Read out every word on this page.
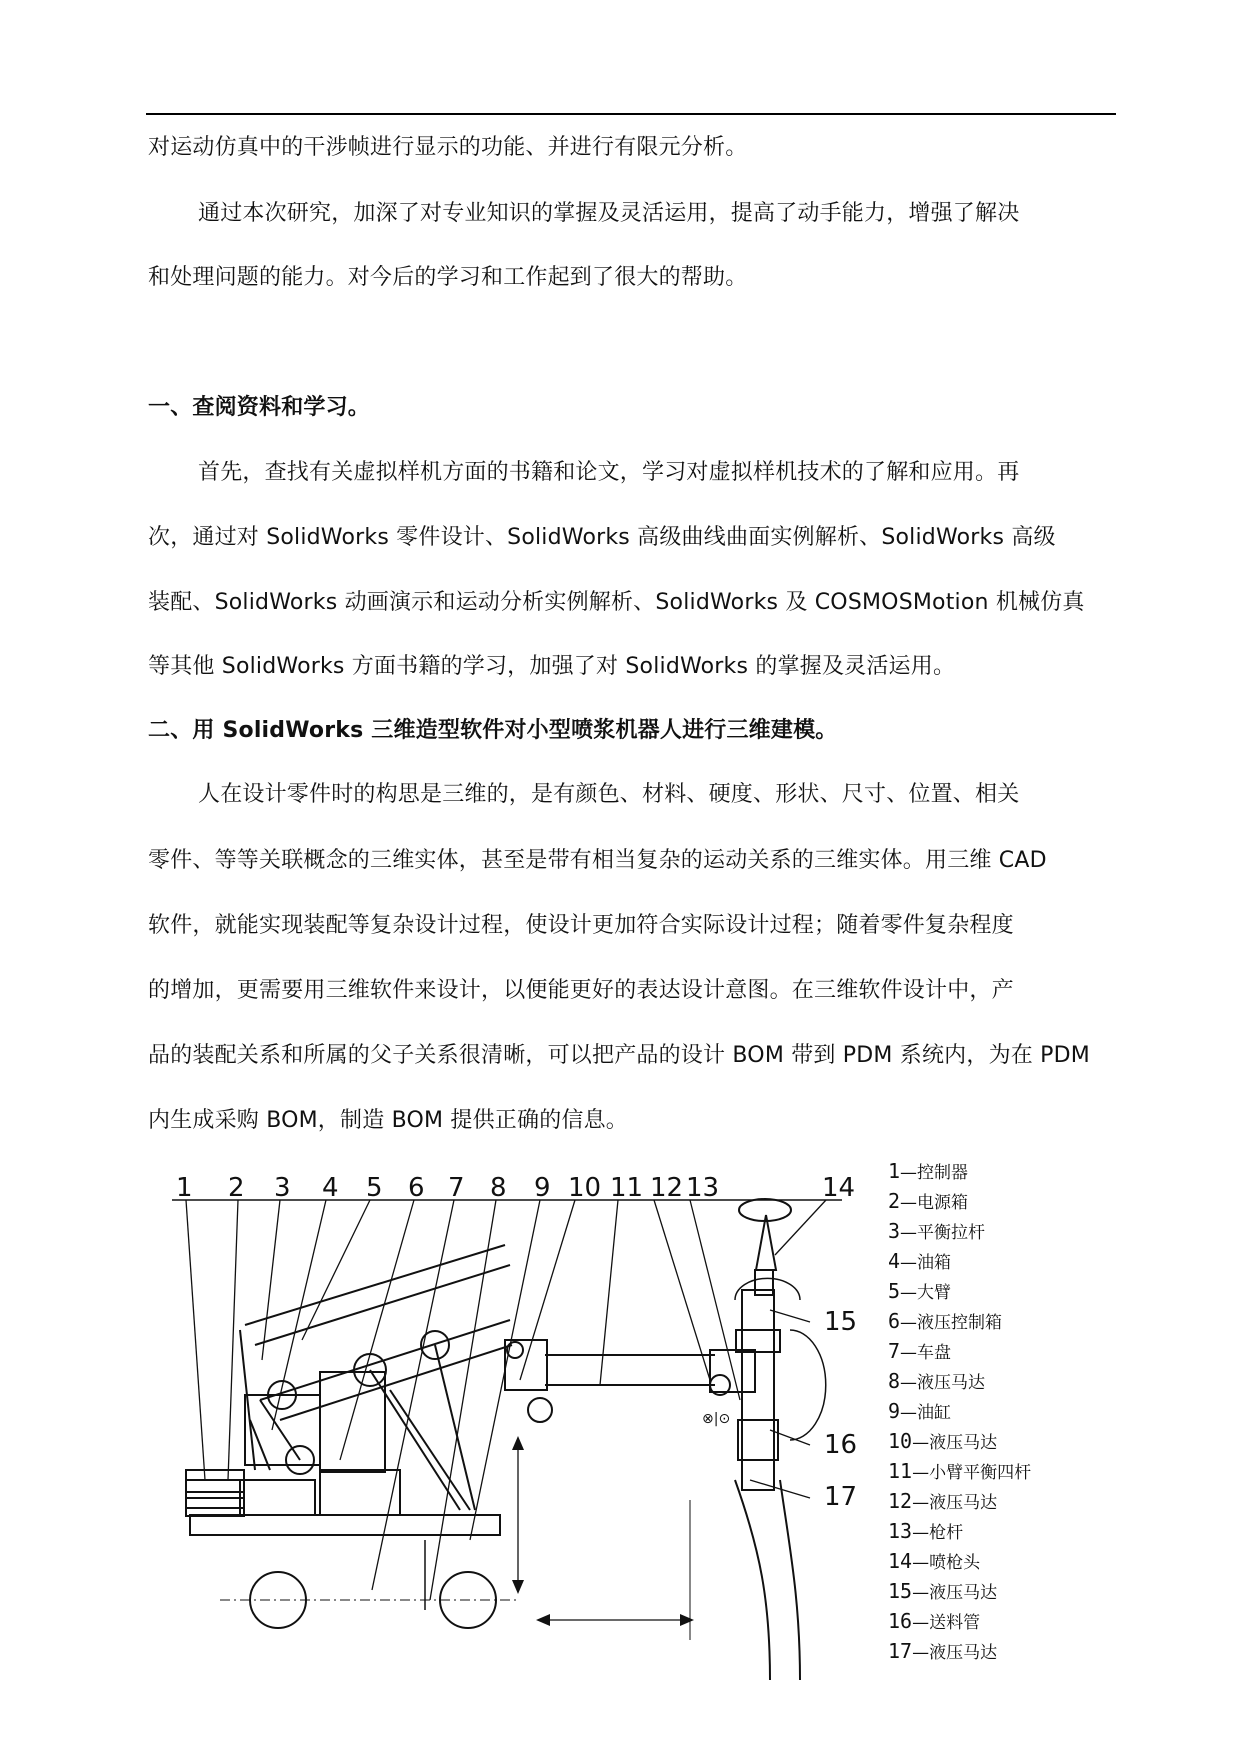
对运动仿真中的干涉帧进行显示的功能、并进行有限元分析。
通过本次研究，加深了对专业知识的掌握及灵活运用，提高了动手能力，增强了解决
和处理问题的能力。对今后的学习和工作起到了很大的帮助。
一、查阅资料和学习。
首先，查找有关虚拟样机方面的书籍和论文，学习对虚拟样机技术的了解和应用。再
次，通过对 SolidWorks 零件设计、SolidWorks 高级曲线曲面实例解析、SolidWorks 高级
装配、SolidWorks 动画演示和运动分析实例解析、SolidWorks 及 COSMOSMotion 机械仿真
等其他 SolidWorks 方面书籍的学习，加强了对 SolidWorks 的掌握及灵活运用。
二、用 SolidWorks 三维造型软件对小型喷浆机器人进行三维建模。
人在设计零件时的构思是三维的，是有颜色、材料、硬度、形状、尺寸、位置、相关
零件、等等关联概念的三维实体，甚至是带有相当复杂的运动关系的三维实体。用三维 CAD
软件，就能实现装配等复杂设计过程，使设计更加符合实际设计过程；随着零件复杂程度
的增加，更需要用三维软件来设计，以便能更好的表达设计意图。在三维软件设计中，产
品的装配关系和所属的父子关系很清晰，可以把产品的设计 BOM 带到 PDM 系统内，为在 PDM
内生成采购 BOM，制造 BOM 提供正确的信息。
1 2 3 4 5 6 7 8 9 10 11 12 13	14
15
16
17
⊗|⊙
1—控制器
2—电源箱
3—平衡拉杆
4—油箱
5—大臂
6—液压控制箱
7—车盘
8—液压马达
9—油缸
10—液压马达
11—小臂平衡四杆
12—液压马达
13—枪杆
14—喷枪头
15—液压马达
16—送料管
17—液压马达
